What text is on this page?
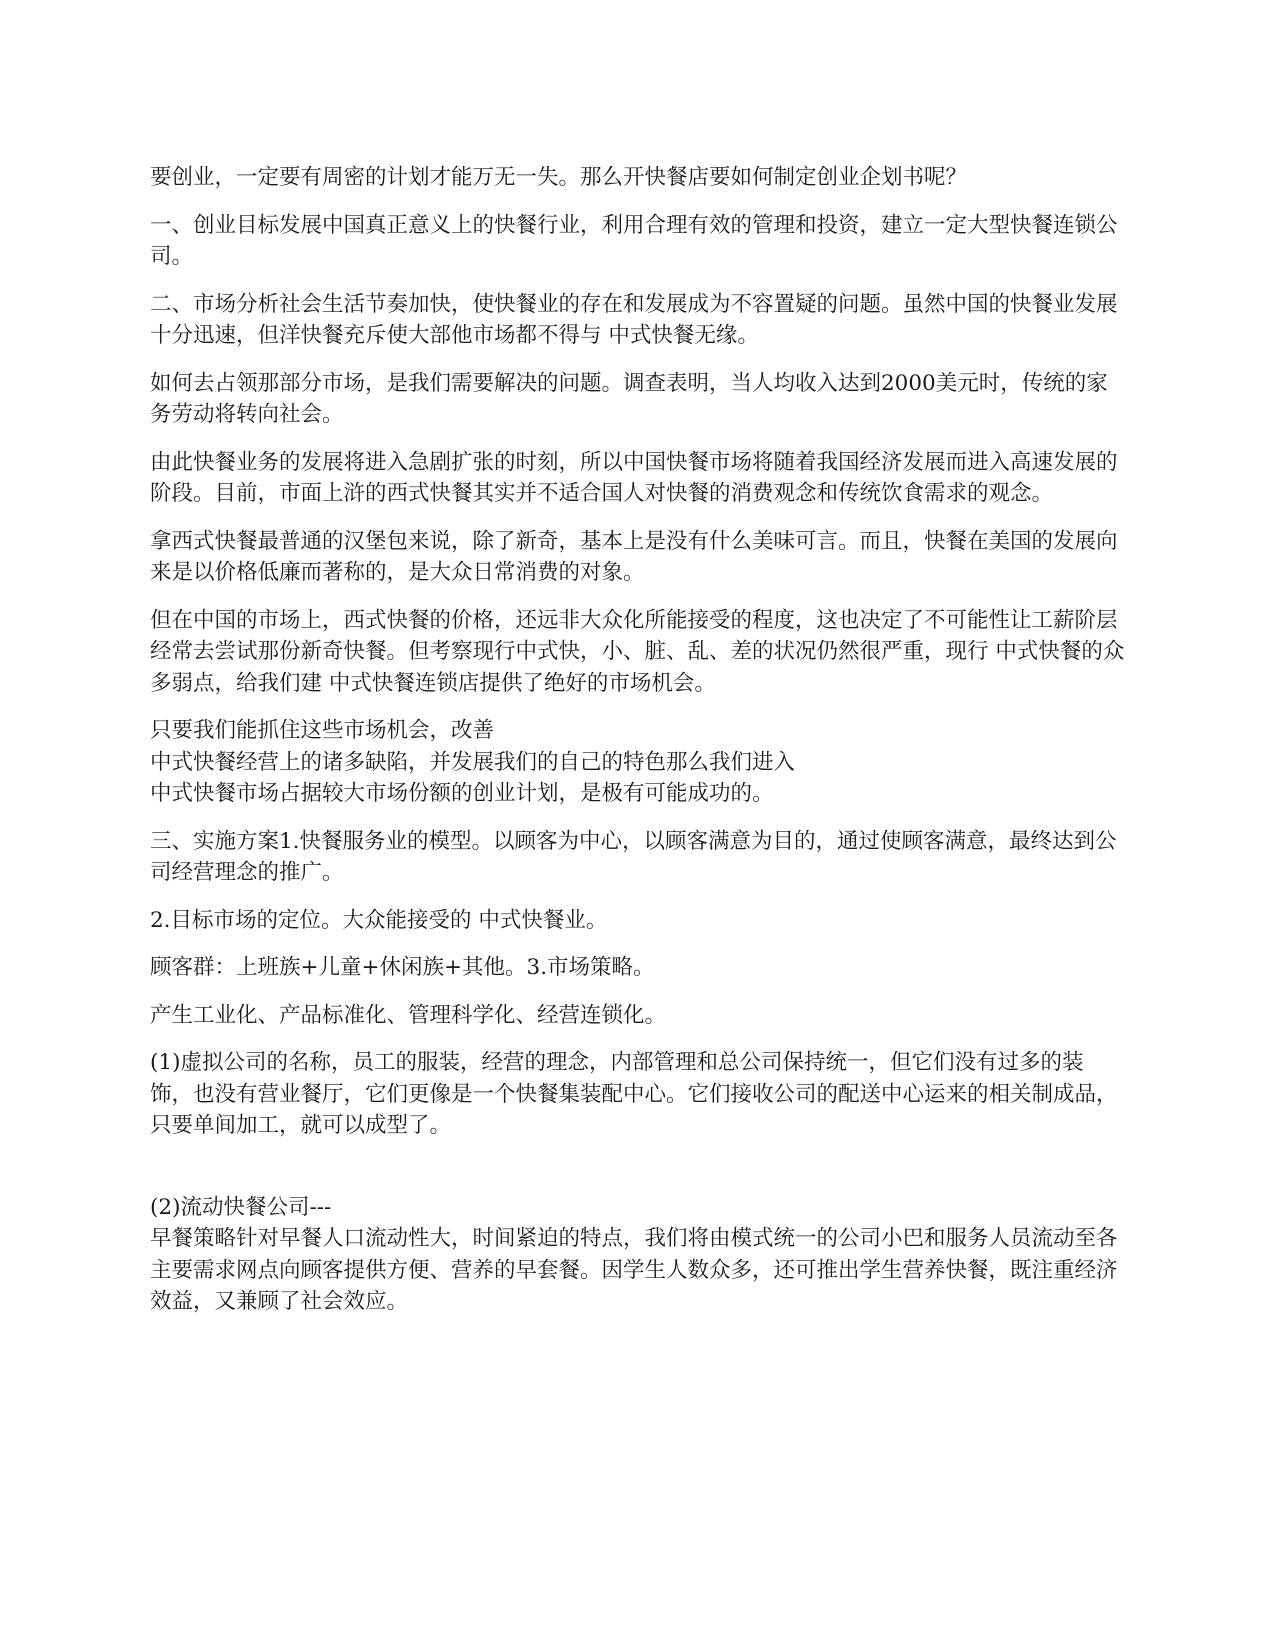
要创业，一定要有周密的计划才能万无一失。那么开快餐店要如何制定创业企划书呢？

一、创业目标发展中国真正意义上的快餐行业，利用合理有效的管理和投资，建立一定大型快餐连锁公司。

二、市场分析社会生活节奏加快，使快餐业的存在和发展成为不容置疑的问题。虽然中国的快餐业发展十分迅速，但洋快餐充斥使大部他市场都不得与 中式快餐无缘。

如何去占领那部分市场，是我们需要解决的问题。调查表明，当人均收入达到2000美元时，传统的家务劳动将转向社会。

由此快餐业务的发展将进入急剧扩张的时刻，所以中国快餐市场将随着我国经济发展而进入高速发展的阶段。目前，市面上浒的西式快餐其实并不适合国人对快餐的消费观念和传统饮食需求的观念。

拿西式快餐最普通的汉堡包来说，除了新奇，基本上是没有什么美味可言。而且，快餐在美国的发展向来是以价格低廉而著称的，是大众日常消费的对象。

但在中国的市场上，西式快餐的价格，还远非大众化所能接受的程度，这也决定了不可能性让工薪阶层经常去尝试那份新奇快餐。但考察现行中式快，小、脏、乱、差的状况仍然很严重，现行 中式快餐的众多弱点，给我们建 中式快餐连锁店提供了绝好的市场机会。

只要我们能抓住这些市场机会，改善
中式快餐经营上的诸多缺陷，并发展我们的自己的特色那么我们进入
中式快餐市场占据较大市场份额的创业计划，是极有可能成功的。

三、实施方案1.快餐服务业的模型。以顾客为中心，以顾客满意为目的，通过使顾客满意，最终达到公司经营理念的推广。

2.目标市场的定位。大众能接受的 中式快餐业。

顾客群：上班族+儿童+休闲族+其他。3.市场策略。

产生工业化、产品标准化、管理科学化、经营连锁化。

(1)虚拟公司的名称，员工的服装，经营的理念，内部管理和总公司保持统一，但它们没有过多的装饰，也没有营业餐厅，它们更像是一个快餐集装配中心。它们接收公司的配送中心运来的相关制成品，只要单间加工，就可以成型了。

(2)流动快餐公司---
早餐策略针对早餐人口流动性大，时间紧迫的特点，我们将由模式统一的公司小巴和服务人员流动至各主要需求网点向顾客提供方便、营养的早套餐。因学生人数众多，还可推出学生营养快餐，既注重经济效益，又兼顾了社会效应。
